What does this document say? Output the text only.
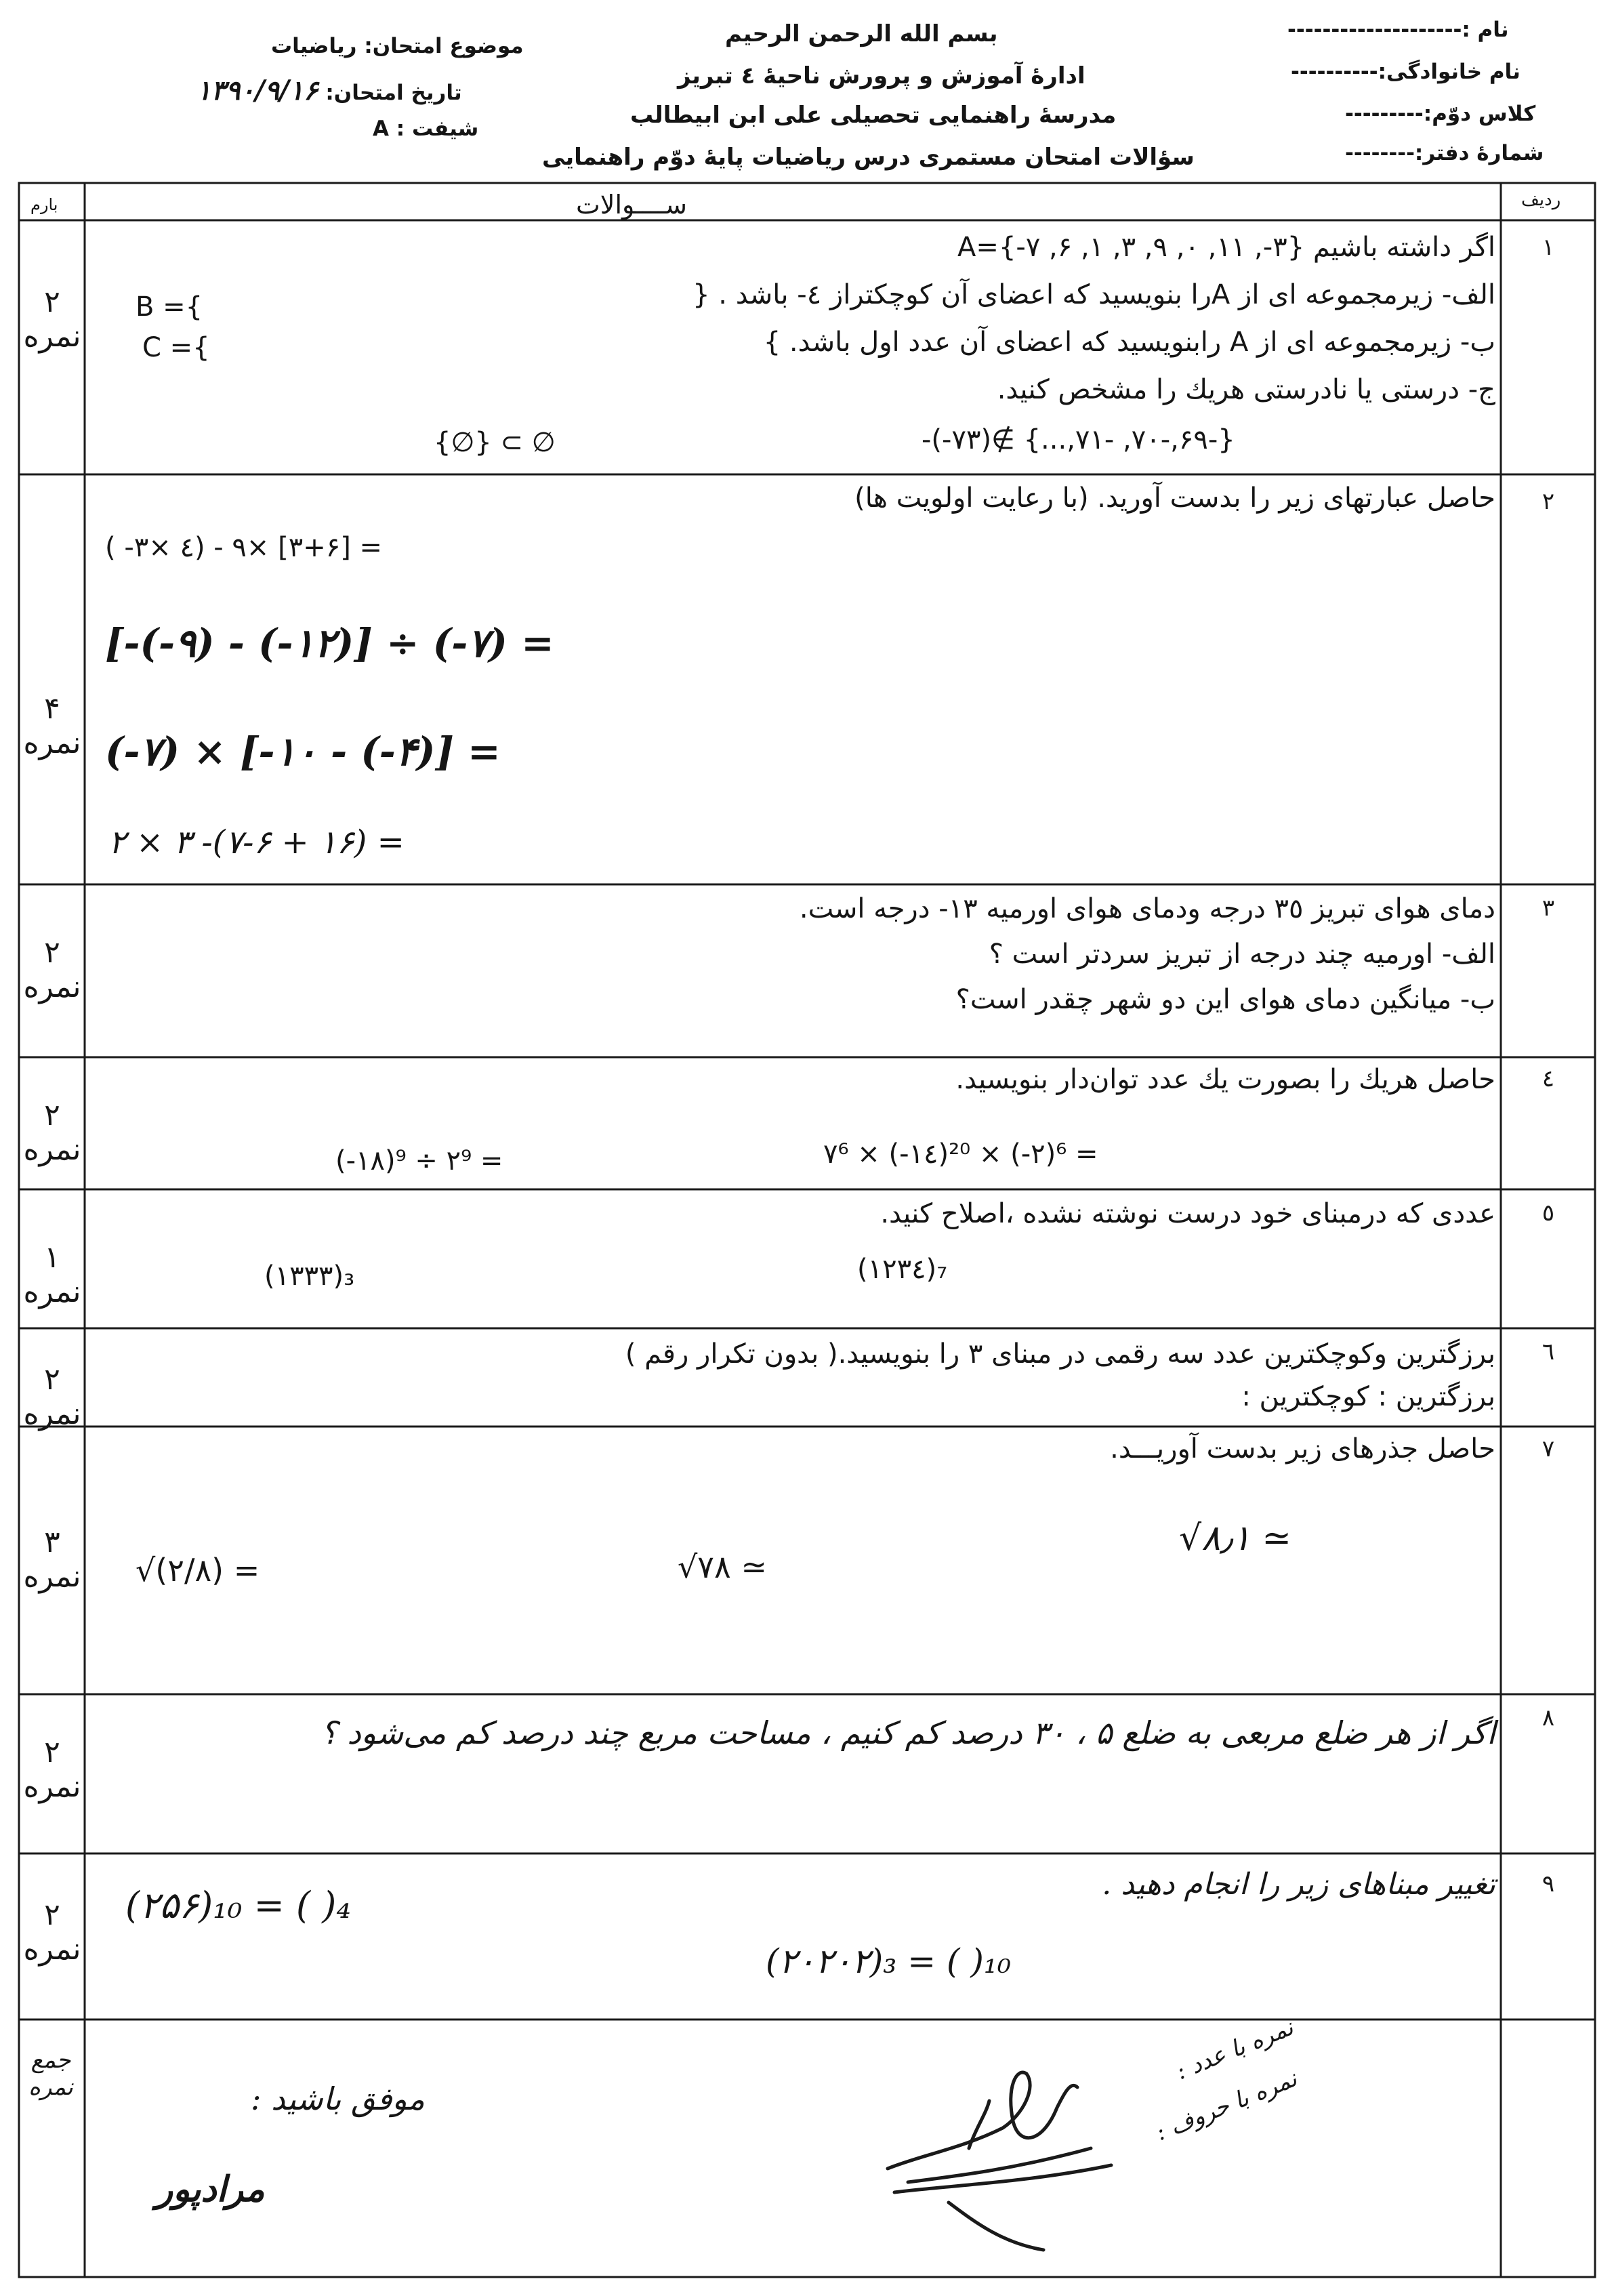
بسم الله الرحمن الرحیم
ادارهٔ آموزش و پرورش ناحیهٔ ٤ تبریز
مدرسهٔ راهنمایی تحصیلی علی ابن ابیطالب
سؤالات امتحان مستمری درس ریاضیات پایهٔ دوّم راهنمایی
موضوع امتحان: ریاضیات
تاریخ امتحان: ۱۳۹۰/۹/۱۶
شیفت : A
نام :--------------------
نام خانوادگی:----------
کلاس دوّم:---------
شمارهٔ دفتر:--------
ردیف
ســــوالات
بارم
١
۲ نمره
اگر داشته باشیم {۳-, ۱۱, ۰, ۹, ۳, ۱, ۶, ۷-}=A
الف- زیرمجموعه ای از Aرا بنویسید که اعضای آن کوچکتراز ٤- باشد . {
ب- زیرمجموعه ای از A رابنویسید که اعضای آن عدد اول باشد. }
ج- درستی یا نادرستی هریك را مشخص کنید.
B ={
C ={
{∅} ⊂ ∅	-(-۷۳)∉ {...,۷۱- ,۷۰-,۶۹-}
٢
۴ نمره
حاصل عبارتهای زیر را بدست آورید. (با رعایت اولویت ها)
( -۳× ٤) - ۹× [۳+۶] =
[-(-۹) - (-۱۲)] ÷ (-۷) =
(-۷) × [-۱۰ - (-۴)] =
۲ × ۳ -(۷-۶ + ۱۶) =
٣
۲ نمره
دمای هوای تبریز ۳٥ درجه ودمای هوای اورمیه ۱۳- درجه است.
الف- اورمیه چند درجه از تبریز سردتر است ؟
ب- میانگین دمای هوای این دو شهر چقدر است؟
٤
۲ نمره
حاصل هریك را بصورت یك عدد توان‌دار بنویسید.
(-۱۸)⁹ ÷ ۲⁹ =	۷⁶ × (-۱٤)²⁰ × (-۲)⁶ =
٥
۱ نمره
عددی که درمبنای خود درست نوشته نشده ،اصلاح کنید.
(۱۳۳۳)₃	(۱۲۳٤)₇
٦
۲ نمره
برزگترین وکوچکترین عدد سه رقمی در مبنای ۳ را بنویسید.( بدون تکرار رقم )
برزگترین : کوچکترین :
٧
۳ نمره
حاصل جذرهای زیر بدست آوریـــد.
√(۲/۸) =	√۷۸ ≃
√۸٫۱ ≃
٨
۲ نمره
اگر از هر ضلع مربعی به ضلع ۵ ، ۳۰ درصد کم کنیم ، مساحت مربع چند درصد کم می‌شود ؟
٩
۲ نمره
تغییر مبناهای زیر را انجام دهید .
(۲۵۶)₁₀ = ( )₄
(۲۰۲۰۲)₃ = ( )₁₀
جمع نمره	موفق باشید :
مرادپور
نمره با عدد :
نمره با حروف :
